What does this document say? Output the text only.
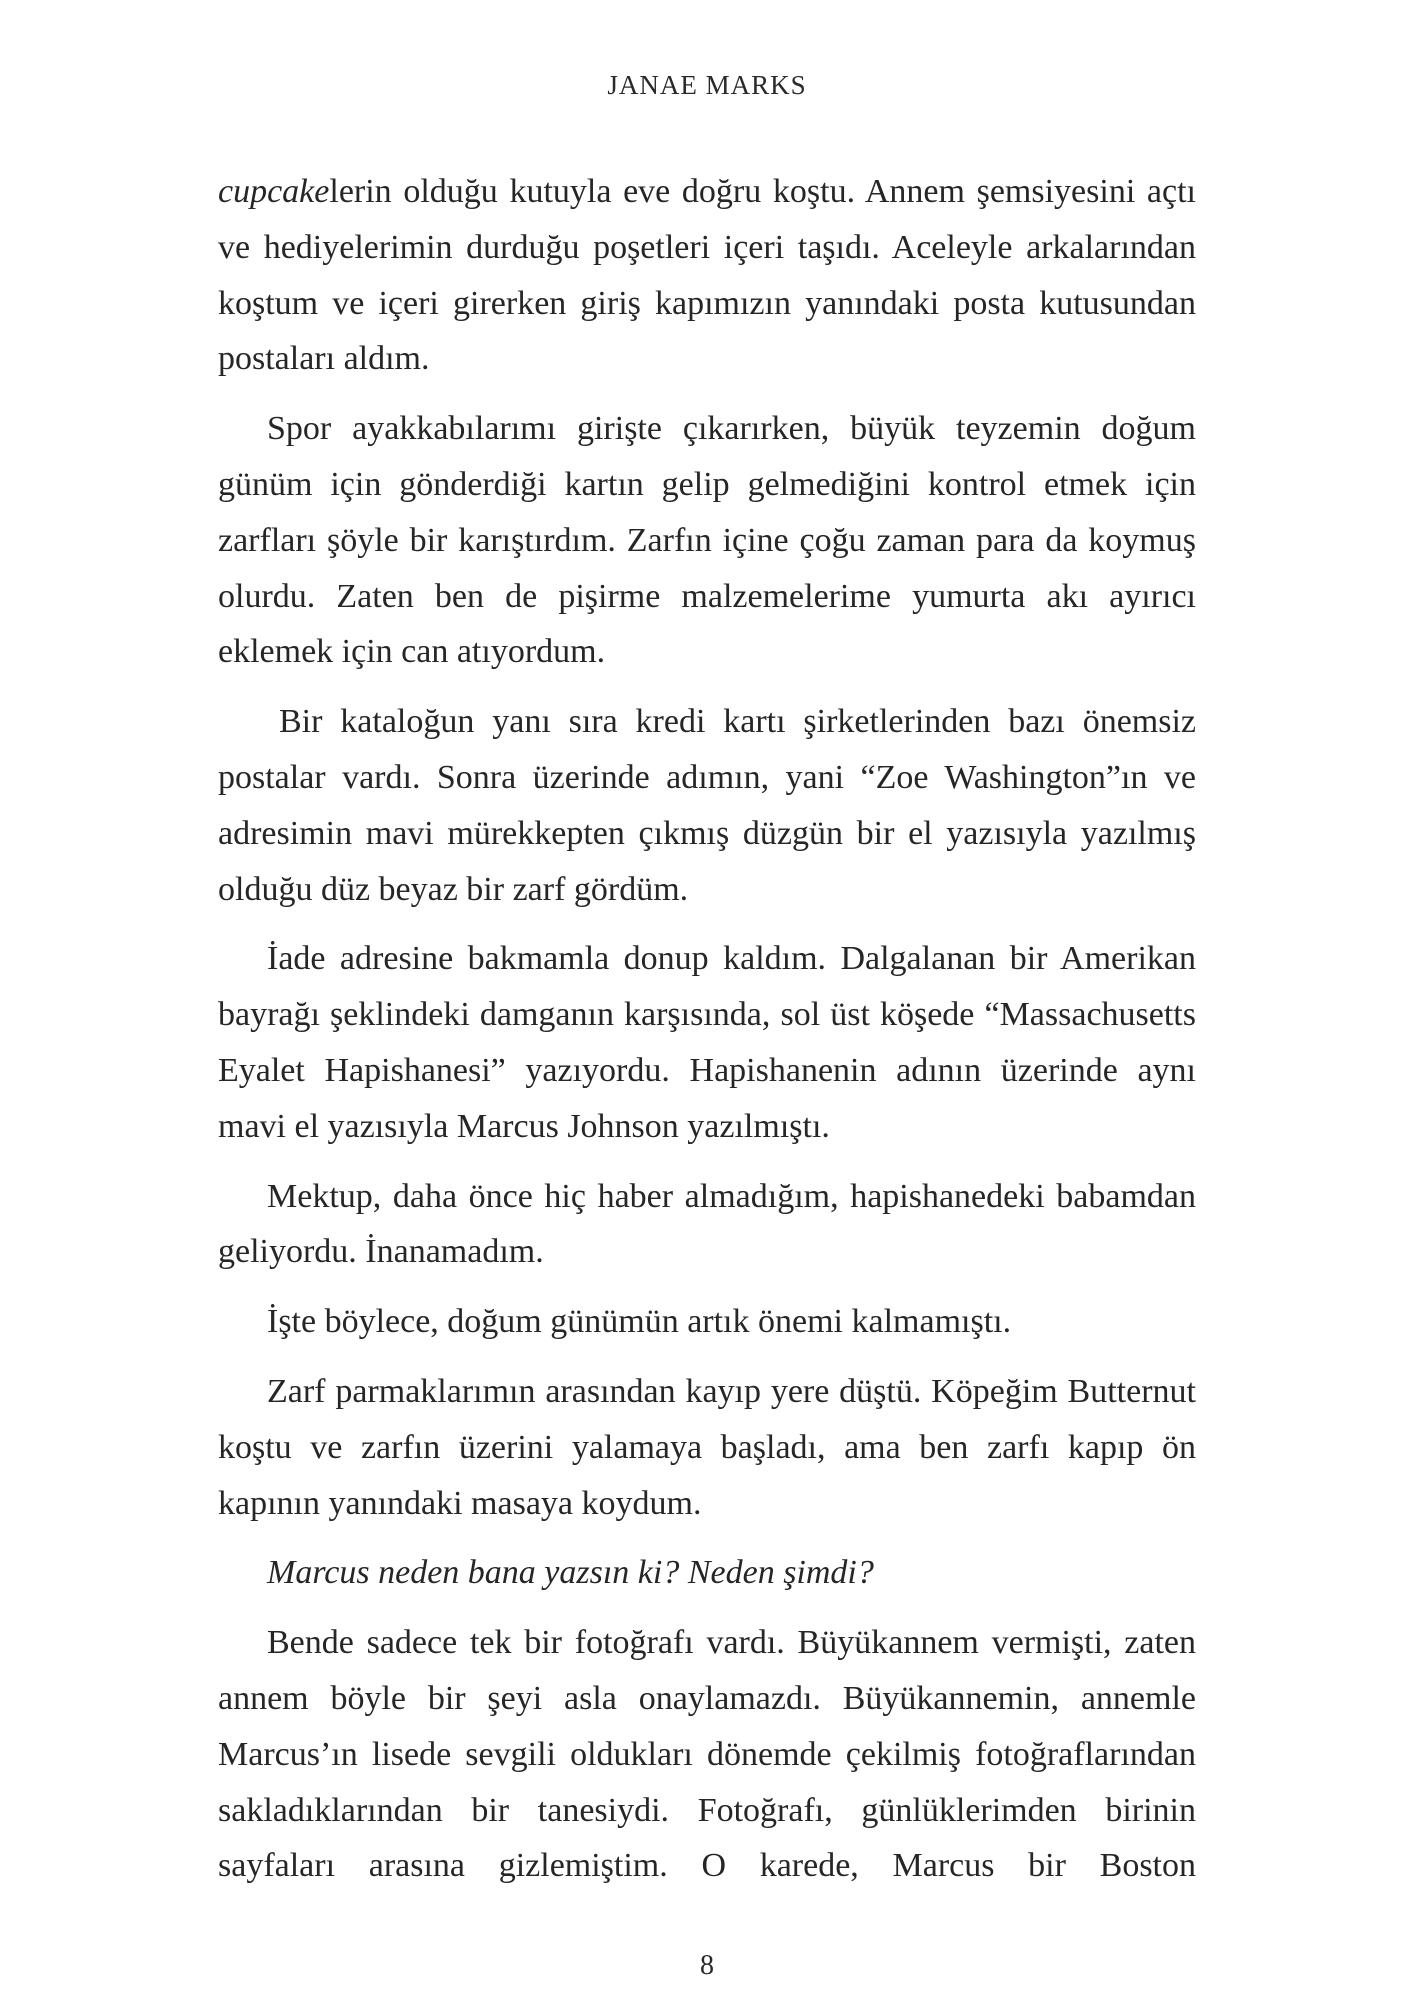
JANAE MARKS

cupcakelerin olduğu kutuyla eve doğru koştu. Annem şemsiyesini açtı ve hediyelerimin durduğu poşetleri içeri taşıdı. Aceleyle arkalarından koştum ve içeri girerken giriş kapımızın yanındaki posta kutusundan postaları aldım.

Spor ayakkabılarımı girişte çıkarırken, büyük teyzemin doğum günüm için gönderdiği kartın gelip gelmediğini kontrol etmek için zarfları şöyle bir karıştırdım. Zarfın içine çoğu zaman para da koymuş olurdu. Zaten ben de pişirme malzemelerime yumurta akı ayırıcı eklemek için can atıyordum.

Bir kataloğun yanı sıra kredi kartı şirketlerinden bazı önemsiz postalar vardı. Sonra üzerinde adımın, yani “Zoe Washington”ın ve adresimin mavi mürekkepten çıkmış düzgün bir el yazısıyla yazılmış olduğu düz beyaz bir zarf gördüm.

İade adresine bakmamla donup kaldım. Dalgalanan bir Amerikan bayrağı şeklindeki damganın karşısında, sol üst köşede “Massachusetts Eyalet Hapishanesi” yazıyordu. Hapishanenin adının üzerinde aynı mavi el yazısıyla Marcus Johnson yazılmıştı.

Mektup, daha önce hiç haber almadığım, hapishanedeki babamdan geliyordu. İnanamadım.

İşte böylece, doğum günümün artık önemi kalmamıştı.

Zarf parmaklarımın arasından kayıp yere düştü. Köpeğim Butternut koştu ve zarfın üzerini yalamaya başladı, ama ben zarfı kapıp ön kapının yanındaki masaya koydum.

Marcus neden bana yazsın ki? Neden şimdi?

Bende sadece tek bir fotoğrafı vardı. Büyükannem vermişti, zaten annem böyle bir şeyi asla onaylamazdı. Büyükannemin, annemle Marcus’ın lisede sevgili oldukları dönemde çekilmiş fotoğraflarından sakladıklarından bir tanesiydi. Fotoğrafı, günlüklerimden birinin sayfaları arasına gizlemiştim. O karede, Marcus bir Boston

8
